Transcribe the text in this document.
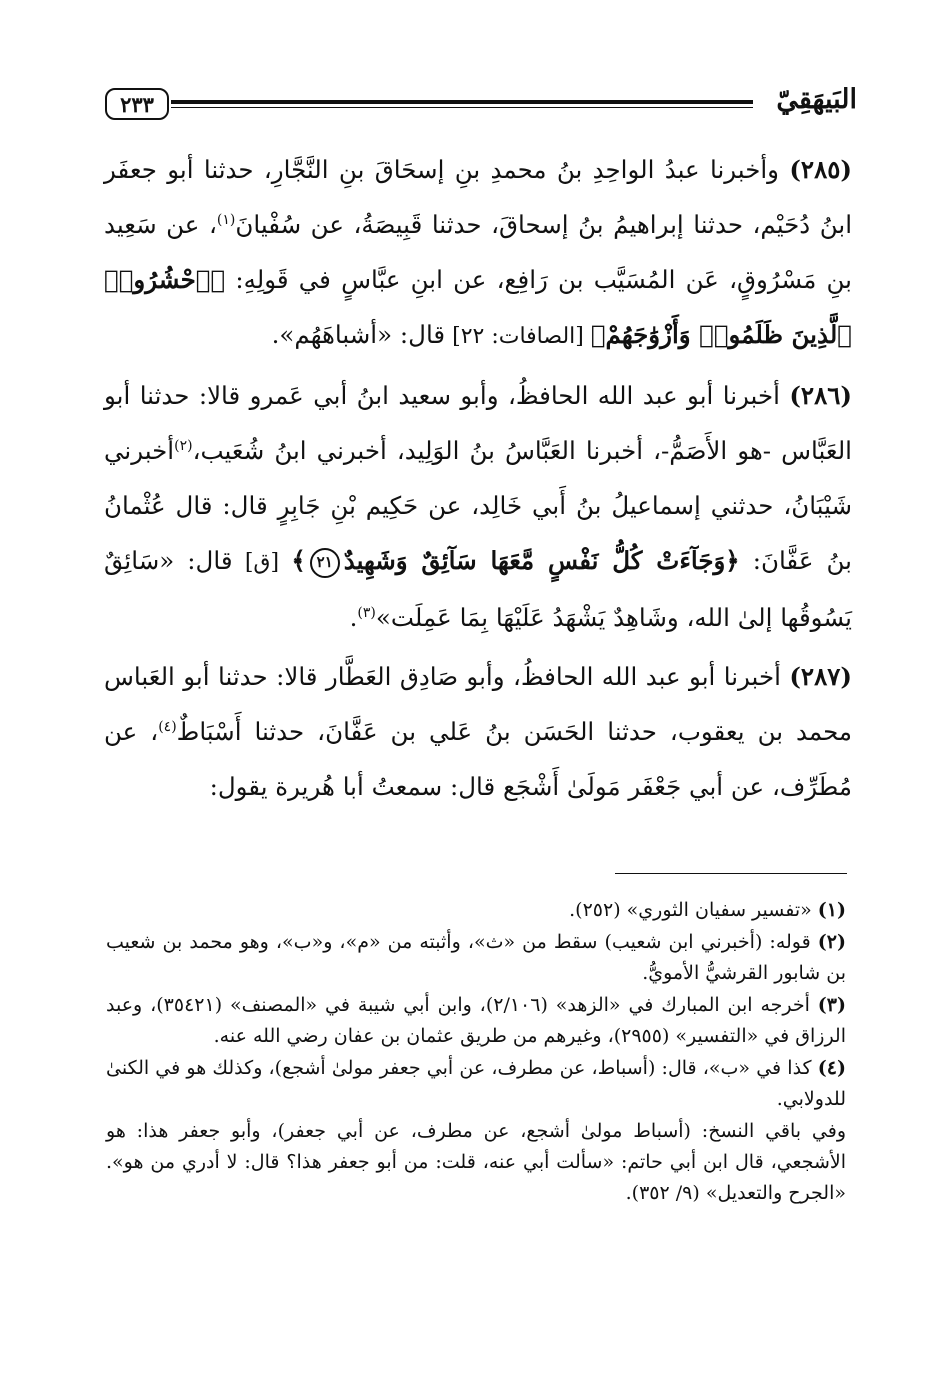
٢٣٣	البَيهَقِيّ

(٢٨٥) وأخبرنا عبدُ الواحِدِ بنُ محمدِ بنِ إسحَاقَ بنِ النَّجَّارِ، حدثنا أبو جعفَر ابنُ دُحَيْم، حدثنا إبراهيمُ بنُ إسحاقَ، حدثنا قَبِيصَةُ، عن سُفْيانَ$^{(١)}$، عن سَعِيد بنِ مَسْرُوقٍ، عَن المُسَيَّب بن رَافِع، عن ابنِ عبَّاسٍ في قَولِهِ: ﴿ٱحْشُرُوا۟ ٱلَّذِينَ ظَلَمُوا۟ وَأَزْوَٰجَهُمْ﴾ [الصافات: ٢٢] قال: «أشباهَهُم».

(٢٨٦) أخبرنا أبو عبد الله الحافظُ، وأبو سعيد ابنُ أبي عَمرو قالا: حدثنا أبو العَبَّاس -هو الأَصَمُّ-، أخبرنا العَبَّاسُ بنُ الوَلِيد، أخبرني ابنُ شُعَيب،$^{(٢)}$أخبرني شَيْبَانُ، حدثني إسماعيلُ بنُ أَبي خَالِد، عن حَكِيم بْنِ جَابِرٍ قال: قال عُثْمانُ بنُ عَفَّانَ: ﴿وَجَآءَتْ كُلُّ نَفْسٍ مَّعَهَا سَآئِقٌ وَشَهِيدٌ٢١﴾ [ق] قال: «سَائِقٌ يَسُوقُها إلىٰ الله، وشَاهِدٌ يَشْهَدُ عَلَيْهَا بِمَا عَمِلَت»$^{(٣)}$.

(٢٨٧) أخبرنا أبو عبد الله الحافظُ، وأبو صَادِق العَطَّار قالا: حدثنا أبو العَباس محمد بن يعقوب، حدثنا الحَسَن بنُ عَلي بن عَفَّانَ، حدثنا أَسْبَاطٌ$^{(٤)}$، عن مُطَرِّف، عن أبي جَعْفَر مَولَىٰ أَشْجَع قال: سمعتُ أبا هُريرة يقول:

(١) «تفسير سفيان الثوري» (٢٥٢).

(٢) قوله: (أخبرني ابن شعيب) سقط من «ث»، وأثبته من «م»، و«ب»، وهو محمد بن شعيب بن شابور القرشيُّ الأمويُّ.

(٣) أخرجه ابن المبارك في «الزهد» (٢/١٠٦)، وابن أبي شيبة في «المصنف» (٣٥٤٢١)، وعبد الرزاق في «التفسير» (٢٩٥٥)، وغيرهم من طريق عثمان بن عفان رضي الله عنه.

(٤) كذا في «ب»، قال: (أسباط، عن مطرف، عن أبي جعفر مولىٰ أشجع)، وكذلك هو في الكنىٰ للدولابي.

وفي باقي النسخ: (أسباط مولىٰ أشجع، عن مطرف، عن أبي جعفر)، وأبو جعفر هذا: هو الأشجعي، قال ابن أبي حاتم: «سألت أبي عنه، قلت: من أبو جعفر هذا؟ قال: لا أدري من هو». «الجرح والتعديل» (٩/ ٣٥٢).
